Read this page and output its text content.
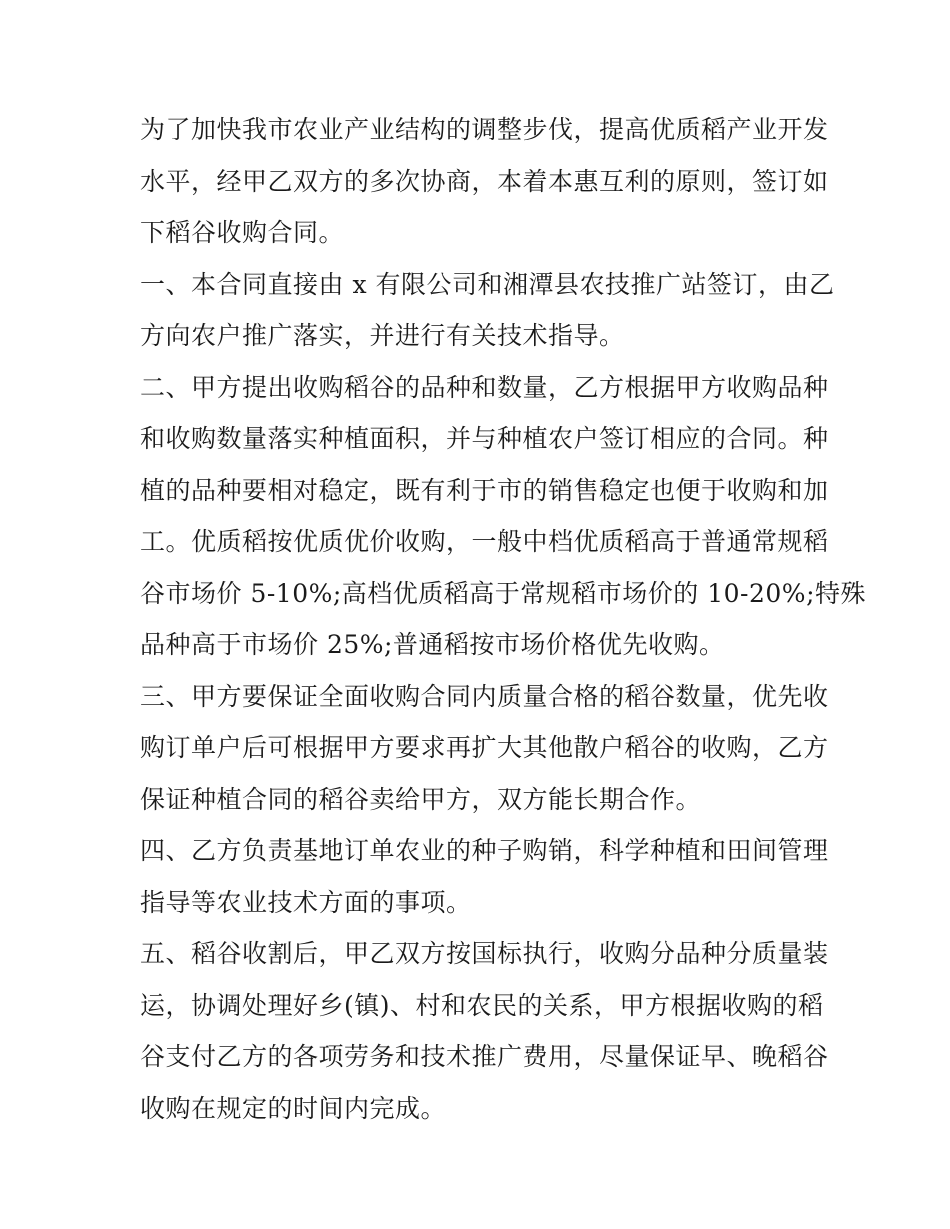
为了加快我市农业产业结构的调整步伐，提高优质稻产业开发
水平，经甲乙双方的多次协商，本着本惠互利的原则，签订如
下稻谷收购合同。

一、本合同直接由 x 有限公司和湘潭县农技推广站签订，由乙
方向农户推广落实，并进行有关技术指导。

二、甲方提出收购稻谷的品种和数量，乙方根据甲方收购品种
和收购数量落实种植面积，并与种植农户签订相应的合同。种
植的品种要相对稳定，既有利于市的销售稳定也便于收购和加
工。优质稻按优质优价收购，一般中档优质稻高于普通常规稻
谷市场价 5-10%;高档优质稻高于常规稻市场价的 10-20%;特殊
品种高于市场价 25%;普通稻按市场价格优先收购。

三、甲方要保证全面收购合同内质量合格的稻谷数量，优先收
购订单户后可根据甲方要求再扩大其他散户稻谷的收购，乙方
保证种植合同的稻谷卖给甲方，双方能长期合作。

四、乙方负责基地订单农业的种子购销，科学种植和田间管理
指导等农业技术方面的事项。

五、稻谷收割后，甲乙双方按国标执行，收购分品种分质量装
运，协调处理好乡(镇)、村和农民的关系，甲方根据收购的稻
谷支付乙方的各项劳务和技术推广费用，尽量保证早、晚稻谷
收购在规定的时间内完成。
